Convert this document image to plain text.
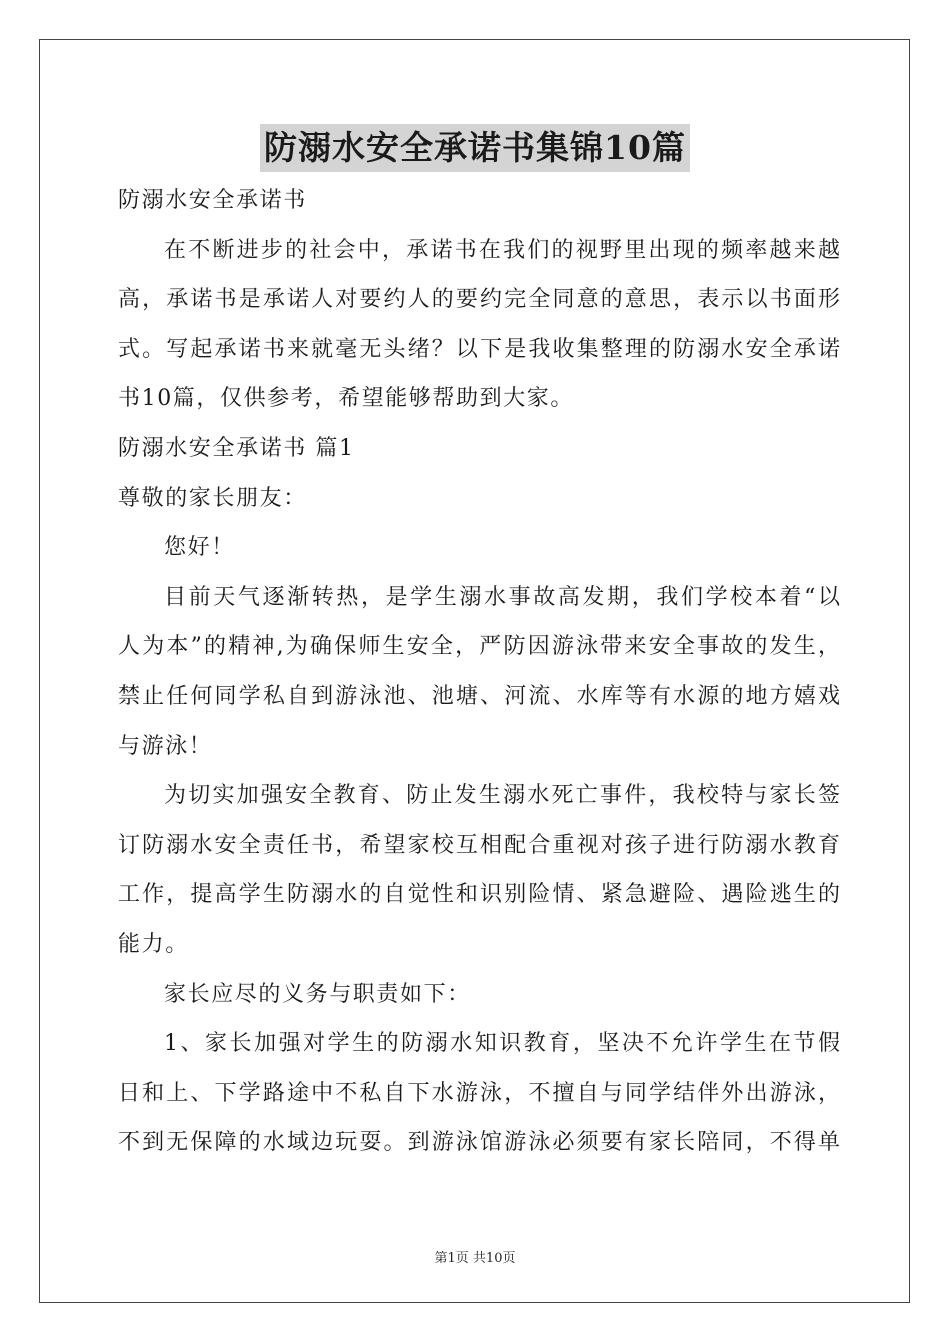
防溺水安全承诺书集锦10篇
防溺水安全承诺书
在不断进步的社会中，承诺书在我们的视野里出现的频率越来越
高，承诺书是承诺人对要约人的要约完全同意的意思，表示以书面形
式。写起承诺书来就毫无头绪？以下是我收集整理的防溺水安全承诺
书10篇，仅供参考，希望能够帮助到大家。
防溺水安全承诺书 篇1
尊敬的家长朋友：
您好！
目前天气逐渐转热，是学生溺水事故高发期，我们学校本着“以
人为本”的精神,为确保师生安全，严防因游泳带来安全事故的发生，
禁止任何同学私自到游泳池、池塘、河流、水库等有水源的地方嬉戏
与游泳！
为切实加强安全教育、防止发生溺水死亡事件，我校特与家长签
订防溺水安全责任书，希望家校互相配合重视对孩子进行防溺水教育
工作，提高学生防溺水的自觉性和识别险情、紧急避险、遇险逃生的
能力。
家长应尽的义务与职责如下：
1、家长加强对学生的防溺水知识教育，坚决不允许学生在节假
日和上、下学路途中不私自下水游泳，不擅自与同学结伴外出游泳，
不到无保障的水域边玩耍。到游泳馆游泳必须要有家长陪同，不得单
第1页 共10页
